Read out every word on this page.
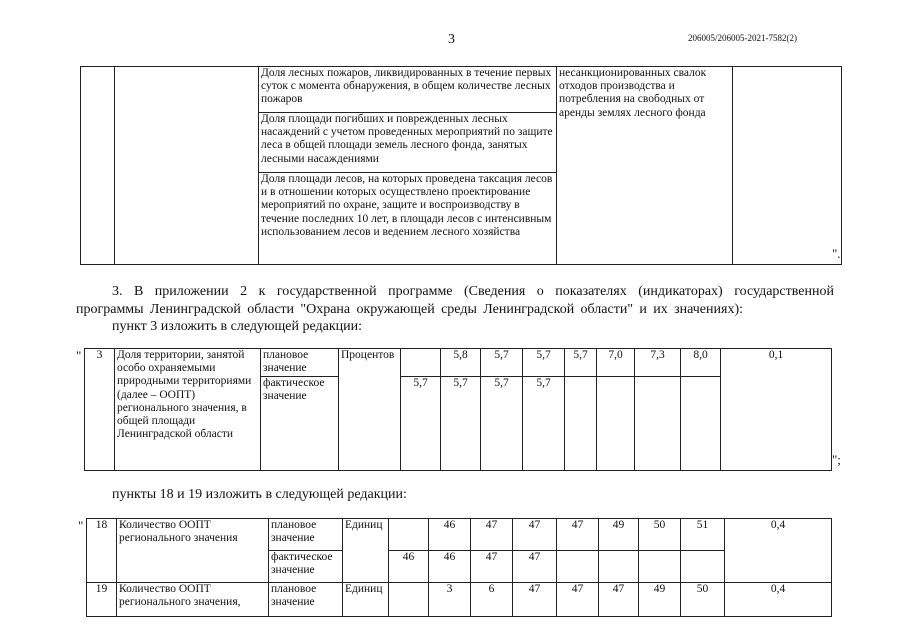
3	206005/206005-2021-7582(2)
		Доля лесных пожаров, ликвидированных в течение первых суток с момента обнаружения, в общем количестве лесных пожаров	несанкционированных свалок отходов производства и потребления на свободных от аренды землях лесного фонда	
Доля площади погибших и поврежденных лесных насаждений с учетом проведенных мероприятий по защите леса в общей площади земель лесного фонда, занятых лесными насаждениями
Доля площади лесов, на которых проведена таксация лесов и в отношении которых осуществлено проектирование мероприятий по охране, защите и воспроизводству в течение последних 10 лет, в площади лесов с интенсивным использованием лесов и ведением лесного хозяйства
".
3. В приложении 2 к государственной программе (Сведения о показателях (индикаторах) государственной
программы Ленинградской области "Охрана окружающей среды Ленинградской области" и их значениях):
пункт 3 изложить в следующей редакции:
" 3	Доля территории, занятой особо охраняемыми природными территориями (далее – ООПТ) регионального значения, в общей площади Ленинградской области	плановое значение	Процентов		5,8	5,7	5,7	5,7	7,0	7,3	8,0	0,1
		фактическое значение		5,7	5,7	5,7	5,7					
";
пункты 18 и 19 изложить в следующей редакции:
" 18	Количество ООПТ регионального значения	плановое значение	Единиц		46	47	47	47	49	50	51	0,4
		фактическое значение		46	46	47	47					
19	Количество ООПТ регионального значения,	плановое значение	Единиц		3	6	47	47	47	49	50	0,4
